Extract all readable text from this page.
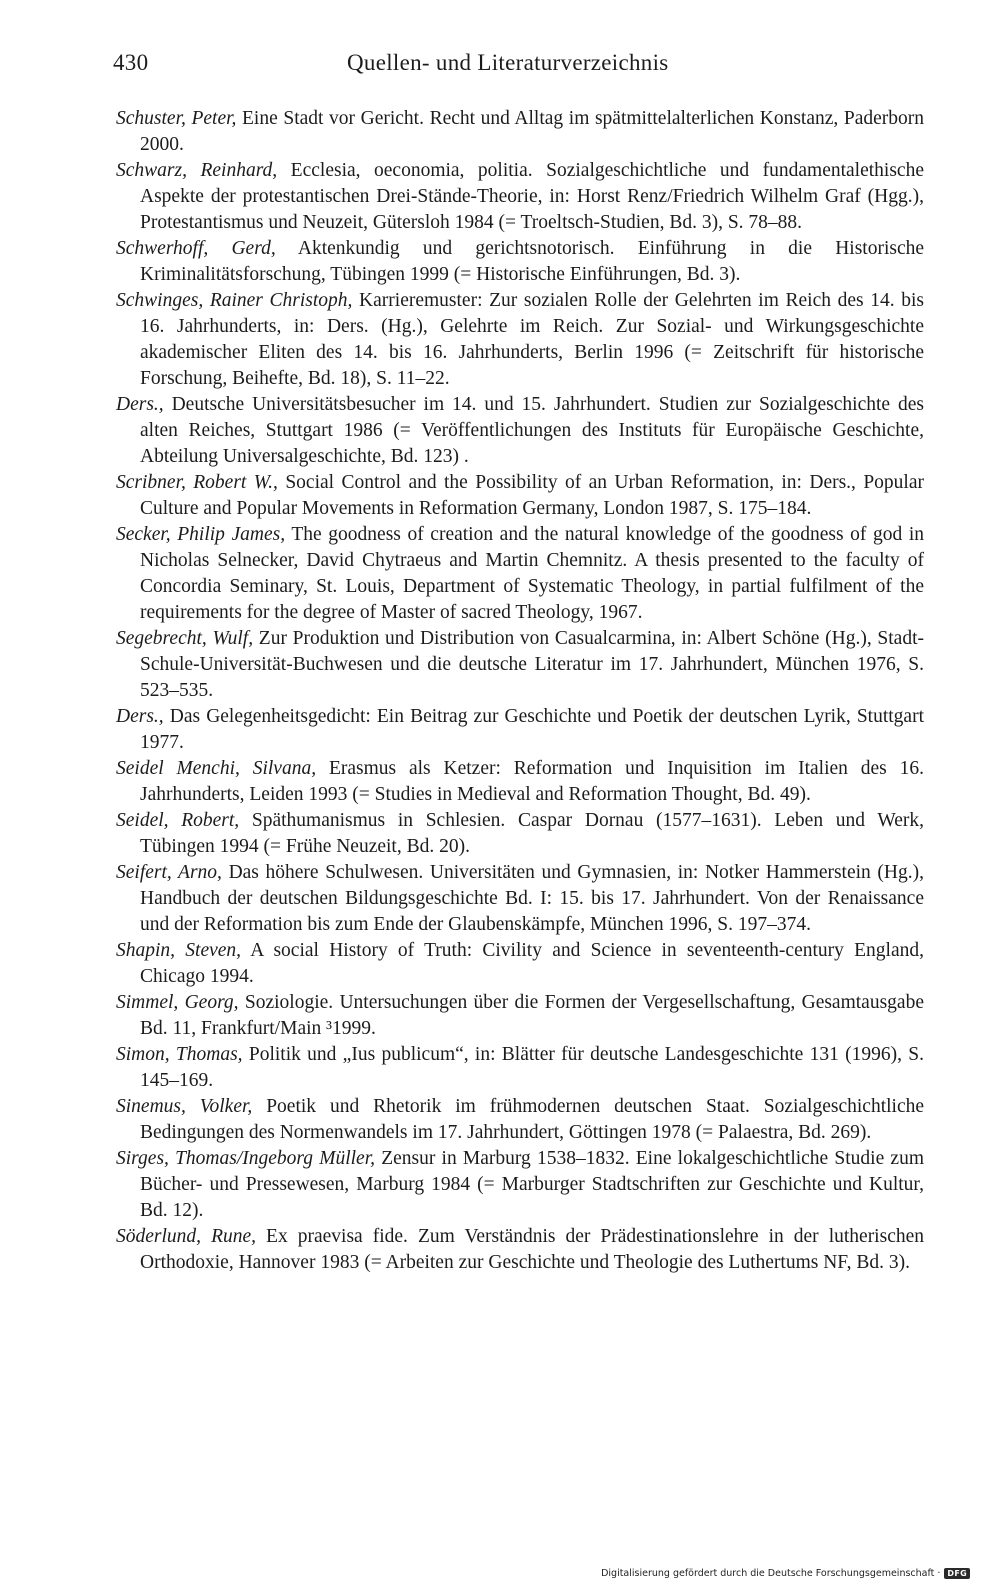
430	Quellen- und Literaturverzeichnis

Schuster, Peter, Eine Stadt vor Gericht. Recht und Alltag im spätmittelalterlichen Konstanz, Paderborn 2000.

Schwarz, Reinhard, Ecclesia, oeconomia, politia. Sozialgeschichtliche und fundamentalethische Aspekte der protestantischen Drei-Stände-Theorie, in: Horst Renz/Friedrich Wilhelm Graf (Hgg.), Protestantismus und Neuzeit, Gütersloh 1984 (= Troeltsch-Studien, Bd. 3), S. 78–88.

Schwerhoff, Gerd, Aktenkundig und gerichtsnotorisch. Einführung in die Historische Kriminalitätsforschung, Tübingen 1999 (= Historische Einführungen, Bd. 3).

Schwinges, Rainer Christoph, Karrieremuster: Zur sozialen Rolle der Gelehrten im Reich des 14. bis 16. Jahrhunderts, in: Ders. (Hg.), Gelehrte im Reich. Zur Sozial- und Wirkungsgeschichte akademischer Eliten des 14. bis 16. Jahrhunderts, Berlin 1996 (= Zeitschrift für historische Forschung, Beihefte, Bd. 18), S. 11–22.

Ders., Deutsche Universitätsbesucher im 14. und 15. Jahrhundert. Studien zur Sozialgeschichte des alten Reiches, Stuttgart 1986 (= Veröffentlichungen des Instituts für Europäische Geschichte, Abteilung Universalgeschichte, Bd. 123) .

Scribner, Robert W., Social Control and the Possibility of an Urban Reformation, in: Ders., Popular Culture and Popular Movements in Reformation Germany, London 1987, S. 175–184.

Secker, Philip James, The goodness of creation and the natural knowledge of the goodness of god in Nicholas Selnecker, David Chytraeus and Martin Chemnitz. A thesis presented to the faculty of Concordia Seminary, St. Louis, Department of Systematic Theology, in partial fulfilment of the requirements for the degree of Master of sacred Theology, 1967.

Segebrecht, Wulf, Zur Produktion und Distribution von Casualcarmina, in: Albert Schöne (Hg.), Stadt-Schule-Universität-Buchwesen und die deutsche Literatur im 17. Jahrhundert, München 1976, S. 523–535.

Ders., Das Gelegenheitsgedicht: Ein Beitrag zur Geschichte und Poetik der deutschen Lyrik, Stuttgart 1977.

Seidel Menchi, Silvana, Erasmus als Ketzer: Reformation und Inquisition im Italien des 16. Jahrhunderts, Leiden 1993 (= Studies in Medieval and Reformation Thought, Bd. 49).

Seidel, Robert, Späthumanismus in Schlesien. Caspar Dornau (1577–1631). Leben und Werk, Tübingen 1994 (= Frühe Neuzeit, Bd. 20).

Seifert, Arno, Das höhere Schulwesen. Universitäten und Gymnasien, in: Notker Hammerstein (Hg.), Handbuch der deutschen Bildungsgeschichte Bd. I: 15. bis 17. Jahrhundert. Von der Renaissance und der Reformation bis zum Ende der Glaubenskämpfe, München 1996, S. 197–374.

Shapin, Steven, A social History of Truth: Civility and Science in seventeenth-century England, Chicago 1994.

Simmel, Georg, Soziologie. Untersuchungen über die Formen der Vergesellschaftung, Gesamtausgabe Bd. 11, Frankfurt/Main ³1999.

Simon, Thomas, Politik und „Ius publicum“, in: Blätter für deutsche Landesgeschichte 131 (1996), S. 145–169.

Sinemus, Volker, Poetik und Rhetorik im frühmodernen deutschen Staat. Sozialgeschichtliche Bedingungen des Normenwandels im 17. Jahrhundert, Göttingen 1978 (= Palaestra, Bd. 269).

Sirges, Thomas/Ingeborg Müller, Zensur in Marburg 1538–1832. Eine lokalgeschichtliche Studie zum Bücher- und Pressewesen, Marburg 1984 (= Marburger Stadtschriften zur Geschichte und Kultur, Bd. 12).

Söderlund, Rune, Ex praevisa fide. Zum Verständnis der Prädestinationslehre in der lutherischen Orthodoxie, Hannover 1983 (= Arbeiten zur Geschichte und Theologie des Luthertums NF, Bd. 3).

Digitalisierung gefördert durch die Deutsche Forschungsgemeinschaft · DFG
